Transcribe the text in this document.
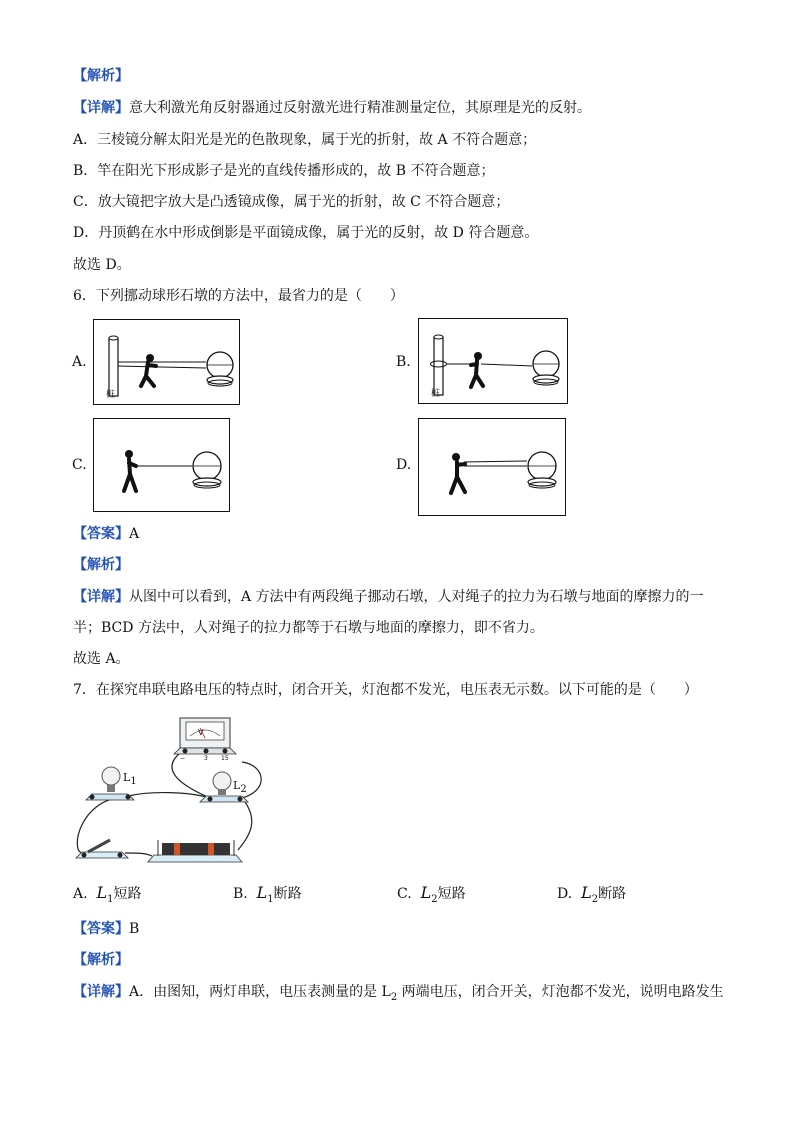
【解析】
【详解】意大利激光角反射器通过反射激光进行精准测量定位，其原理是光的反射。
A．三棱镜分解太阳光是光的色散现象，属于光的折射，故 A 不符合题意；
B．竿在阳光下形成影子是光的直线传播形成的，故 B 不符合题意；
C．放大镜把字放大是凸透镜成像，属于光的折射，故 C 不符合题意；
D．丹顶鹤在水中形成倒影是平面镜成像，属于光的反射，故 D 符合题意。
故选 D。
6．下列挪动球形石墩的方法中，最省力的是（　　）
A.
桩
B.
桩
C.	D.
【答案】A
【解析】
【详解】从图中可以看到，A 方法中有两段绳子挪动石墩，人对绳子的拉力为石墩与地面的摩擦力的一
半；BCD 方法中，人对绳子的拉力都等于石墩与地面的摩擦力，即不省力。
故选 A。
7．在探究串联电路电压的特点时，闭合开关，灯泡都不发光，电压表无示数。以下可能的是（　　）
V
−	3 15
L1	L2
A. $L_1$短路	B. $L_1$断路	C. $L_2$短路	D. $L_2$断路
【答案】B
【解析】
【详解】A．由图知，两灯串联，电压表测量的是 $L_2$ 两端电压，闭合开关，灯泡都不发光，说明电路发生
